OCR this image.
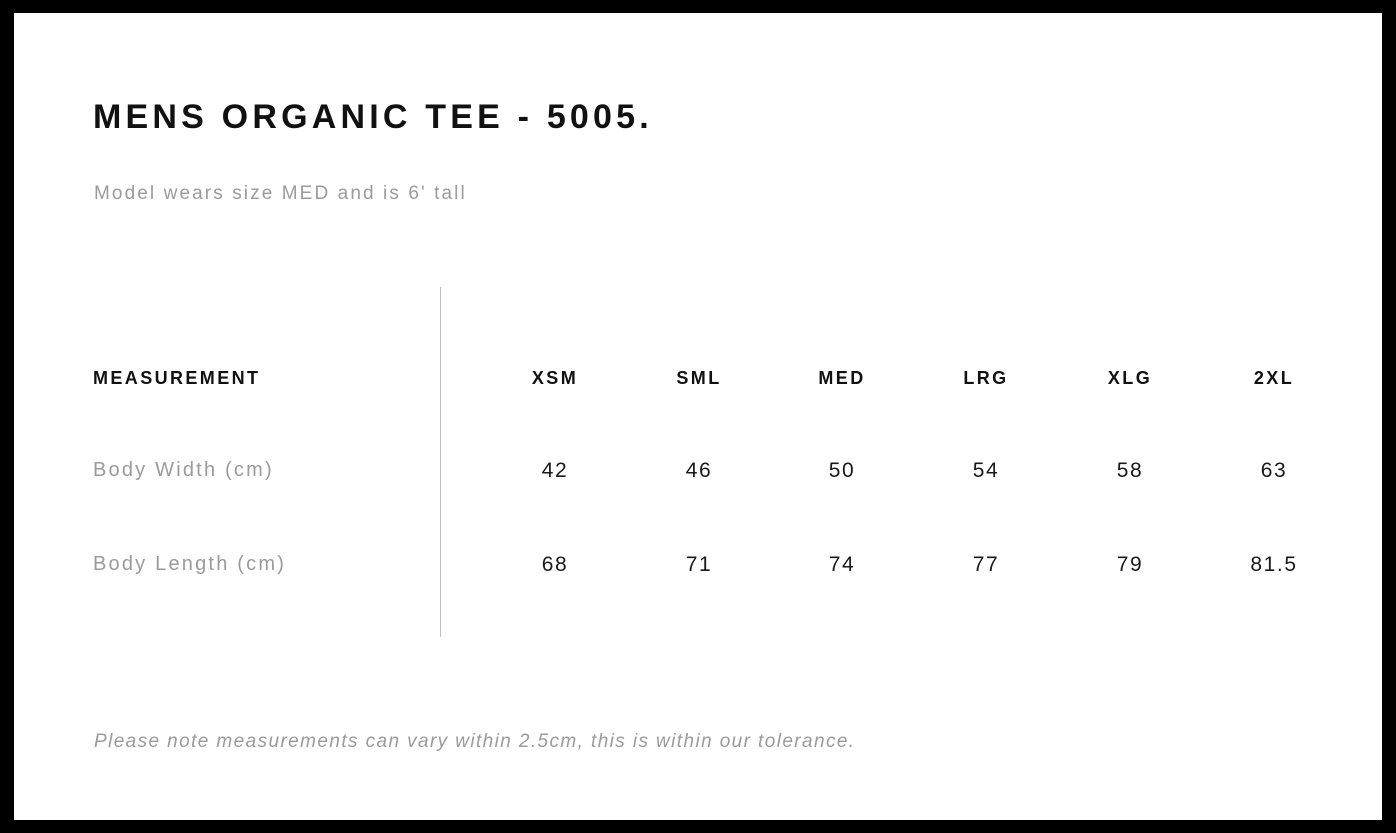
MENS ORGANIC TEE - 5005.
Model wears size MED and is 6' tall
MEASUREMENT	XSM	SML	MED	LRG	XLG	2XL
Body Width (cm)	42	46	50	54	58	63
Body Length (cm)	68	71	74	77	79	81.5
Please note measurements can vary within 2.5cm, this is within our tolerance.
